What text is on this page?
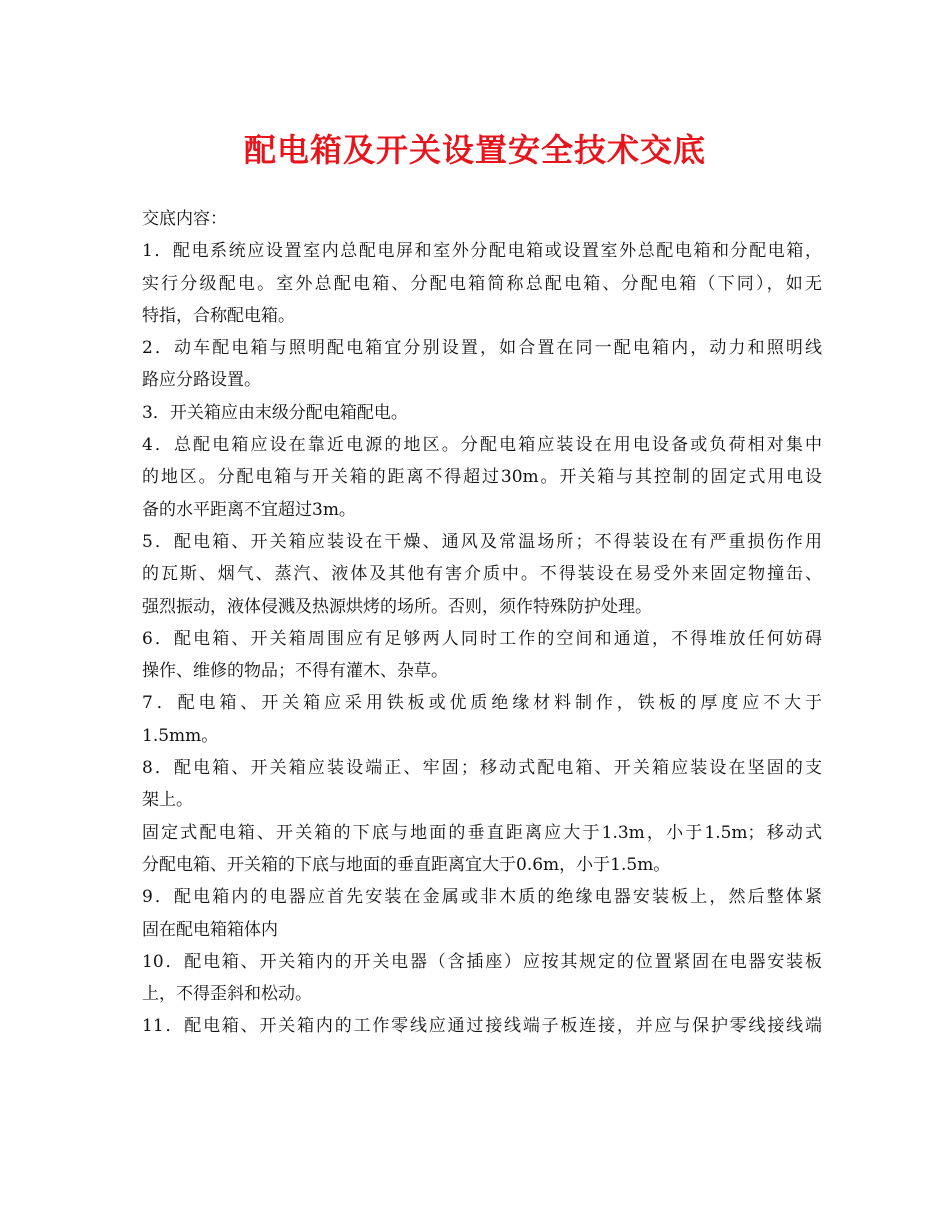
配电箱及开关设置安全技术交底
交底内容：
1．配电系统应设置室内总配电屏和室外分配电箱或设置室外总配电箱和分配电箱，
实行分级配电。室外总配电箱、分配电箱简称总配电箱、分配电箱（下同），如无
特指，合称配电箱。
2．动车配电箱与照明配电箱宜分别设置，如合置在同一配电箱内，动力和照明线
路应分路设置。
3．开关箱应由末级分配电箱配电。
4．总配电箱应设在靠近电源的地区。分配电箱应装设在用电设备或负荷相对集中
的地区。分配电箱与开关箱的距离不得超过30m。开关箱与其控制的固定式用电设
备的水平距离不宜超过3m。
5．配电箱、开关箱应装设在干燥、通风及常温场所；不得装设在有严重损伤作用
的瓦斯、烟气、蒸汽、液体及其他有害介质中。不得装设在易受外来固定物撞缶、
强烈振动，液体侵溅及热源烘烤的场所。否则，须作特殊防护处理。
6．配电箱、开关箱周围应有足够两人同时工作的空间和通道，不得堆放任何妨碍
操作、维修的物品；不得有灌木、杂草。
7．配电箱、开关箱应采用铁板或优质绝缘材料制作，铁板的厚度应不大于
1.5mm。
8．配电箱、开关箱应装设端正、牢固；移动式配电箱、开关箱应装设在坚固的支
架上。
固定式配电箱、开关箱的下底与地面的垂直距离应大于1.3m，小于1.5m；移动式
分配电箱、开关箱的下底与地面的垂直距离宜大于0.6m，小于1.5m。
9．配电箱内的电器应首先安装在金属或非木质的绝缘电器安装板上，然后整体紧
固在配电箱箱体内
10．配电箱、开关箱内的开关电器（含插座）应按其规定的位置紧固在电器安装板
上，不得歪斜和松动。
11．配电箱、开关箱内的工作零线应通过接线端子板连接，并应与保护零线接线端
